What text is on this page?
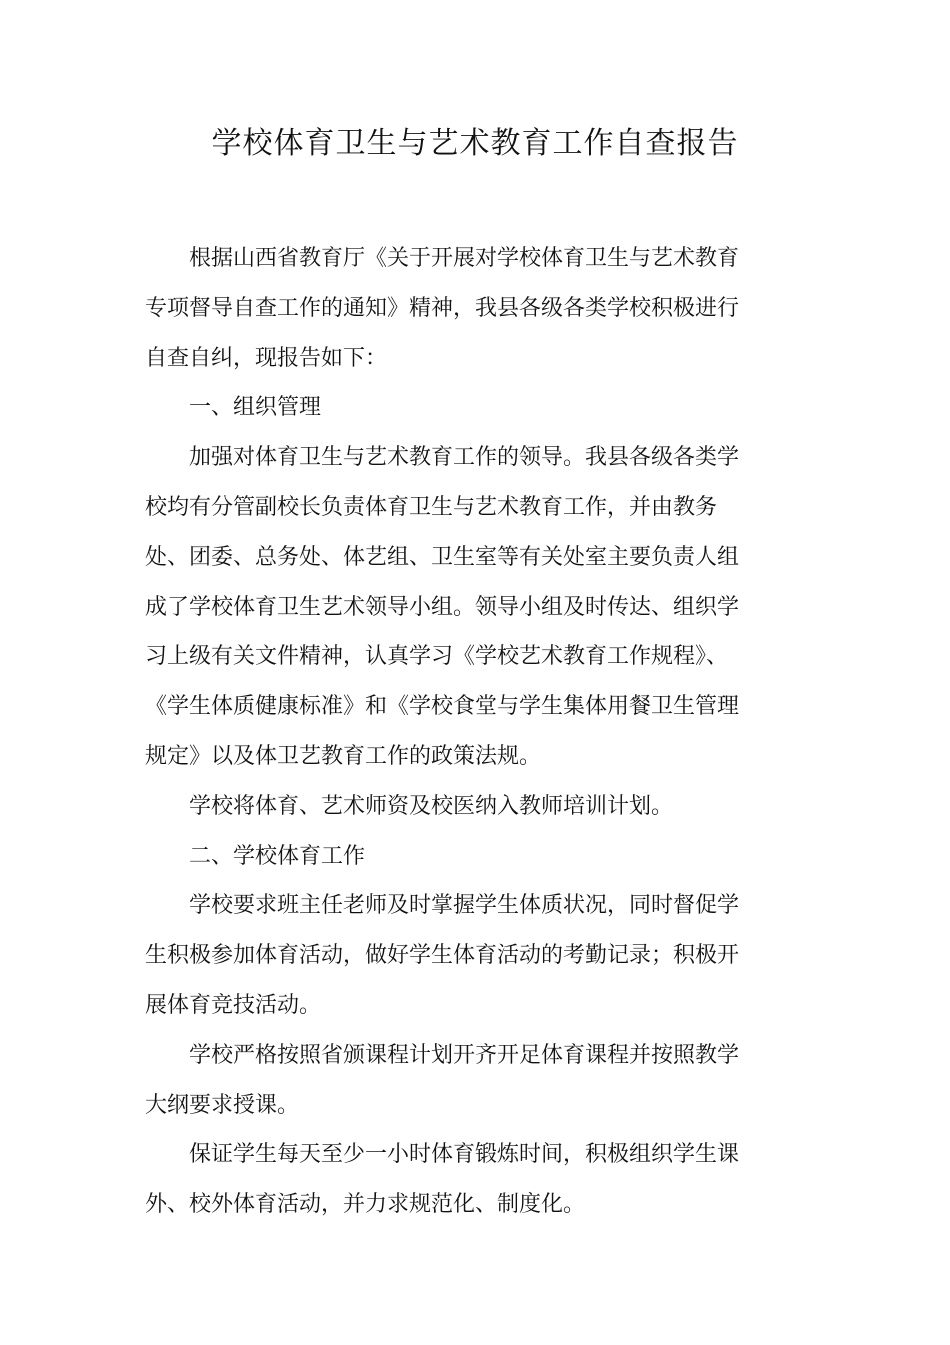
学校体育卫生与艺术教育工作自查报告

根据山西省教育厅《关于开展对学校体育卫生与艺术教育专项督导自查工作的通知》精神，我县各级各类学校积极进行自查自纠，现报告如下：

一、组织管理

加强对体育卫生与艺术教育工作的领导。我县各级各类学校均有分管副校长负责体育卫生与艺术教育工作，并由教务处、团委、总务处、体艺组、卫生室等有关处室主要负责人组成了学校体育卫生艺术领导小组。领导小组及时传达、组织学习上级有关文件精神，认真学习《学校艺术教育工作规程》、《学生体质健康标准》和《学校食堂与学生集体用餐卫生管理规定》以及体卫艺教育工作的政策法规。

学校将体育、艺术师资及校医纳入教师培训计划。

二、学校体育工作

学校要求班主任老师及时掌握学生体质状况，同时督促学生积极参加体育活动，做好学生体育活动的考勤记录；积极开展体育竞技活动。

学校严格按照省颁课程计划开齐开足体育课程并按照教学大纲要求授课。

保证学生每天至少一小时体育锻炼时间，积极组织学生课外、校外体育活动，并力求规范化、制度化。
